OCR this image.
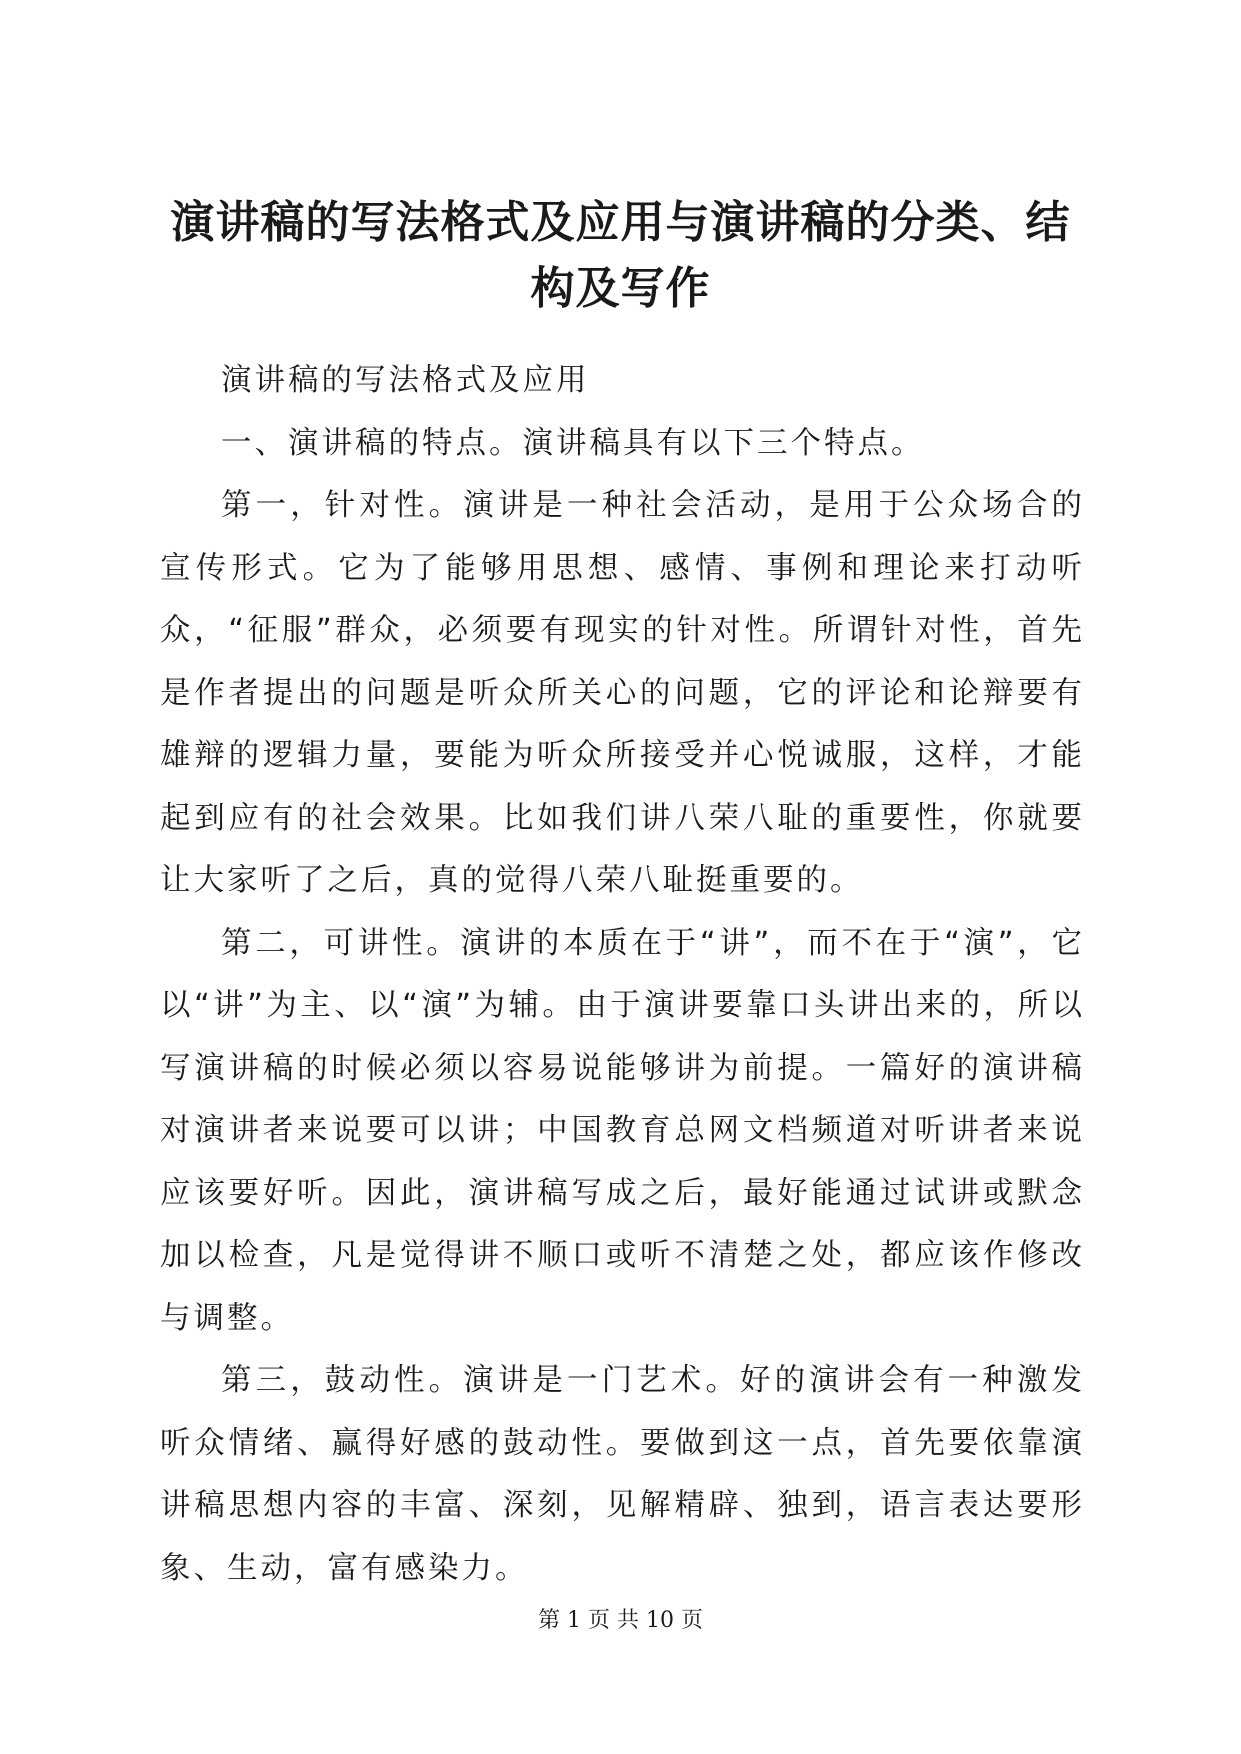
演讲稿的写法格式及应用与演讲稿的分类、结构及写作

演讲稿的写法格式及应用

一、演讲稿的特点。演讲稿具有以下三个特点。

第一，针对性。演讲是一种社会活动，是用于公众场合的宣传形式。它为了能够用思想、感情、事例和理论来打动听众，“征服”群众，必须要有现实的针对性。所谓针对性，首先是作者提出的问题是听众所关心的问题，它的评论和论辩要有雄辩的逻辑力量，要能为听众所接受并心悦诚服，这样，才能起到应有的社会效果。比如我们讲八荣八耻的重要性，你就要让大家听了之后，真的觉得八荣八耻挺重要的。

第二，可讲性。演讲的本质在于“讲”，而不在于“演”，它以“讲”为主、以“演”为辅。由于演讲要靠口头讲出来的，所以写演讲稿的时候必须以容易说能够讲为前提。一篇好的演讲稿对演讲者来说要可以讲；中国教育总网文档频道对听讲者来说应该要好听。因此，演讲稿写成之后，最好能通过试讲或默念加以检查，凡是觉得讲不顺口或听不清楚之处，都应该作修改与调整。

第三，鼓动性。演讲是一门艺术。好的演讲会有一种激发听众情绪、赢得好感的鼓动性。要做到这一点，首先要依靠演讲稿思想内容的丰富、深刻，见解精辟、独到，语言表达要形象、生动，富有感染力。

第 1 页 共 10 页
